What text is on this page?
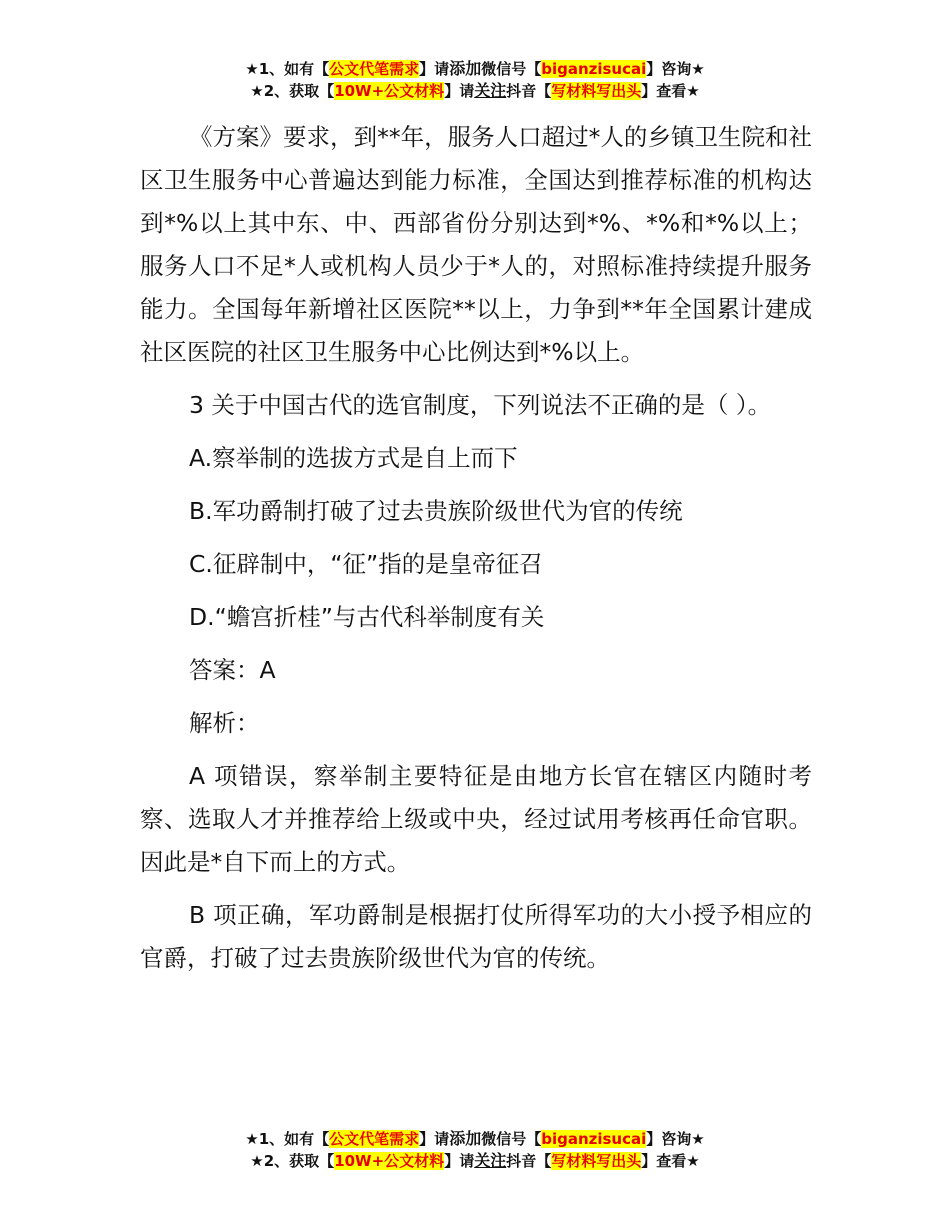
★1、如有【公文代笔需求】请添加微信号【biganzisucai】咨询★
★2、获取【10W+公文材料】请关注抖音【写材料写出头】查看★

《方案》要求，到**年，服务人口超过*人的乡镇卫生院和社区卫生服务中心普遍达到能力标准，全国达到推荐标准的机构达到*%以上其中东、中、西部省份分别达到*%、*%和*%以上；服务人口不足*人或机构人员少于*人的，对照标准持续提升服务能力。全国每年新增社区医院**以上，力争到**年全国累计建成社区医院的社区卫生服务中心比例达到*%以上。

3 关于中国古代的选官制度，下列说法不正确的是（ ）。

A.察举制的选拔方式是自上而下

B.军功爵制打破了过去贵族阶级世代为官的传统

C.征辟制中，“征”指的是皇帝征召

D.“蟾宫折桂”与古代科举制度有关

答案：A

解析：

A 项错误，察举制主要特征是由地方长官在辖区内随时考察、选取人才并推荐给上级或中央，经过试用考核再任命官职。因此是*自下而上的方式。

B 项正确，军功爵制是根据打仗所得军功的大小授予相应的官爵，打破了过去贵族阶级世代为官的传统。

★1、如有【公文代笔需求】请添加微信号【biganzisucai】咨询★
★2、获取【10W+公文材料】请关注抖音【写材料写出头】查看★
